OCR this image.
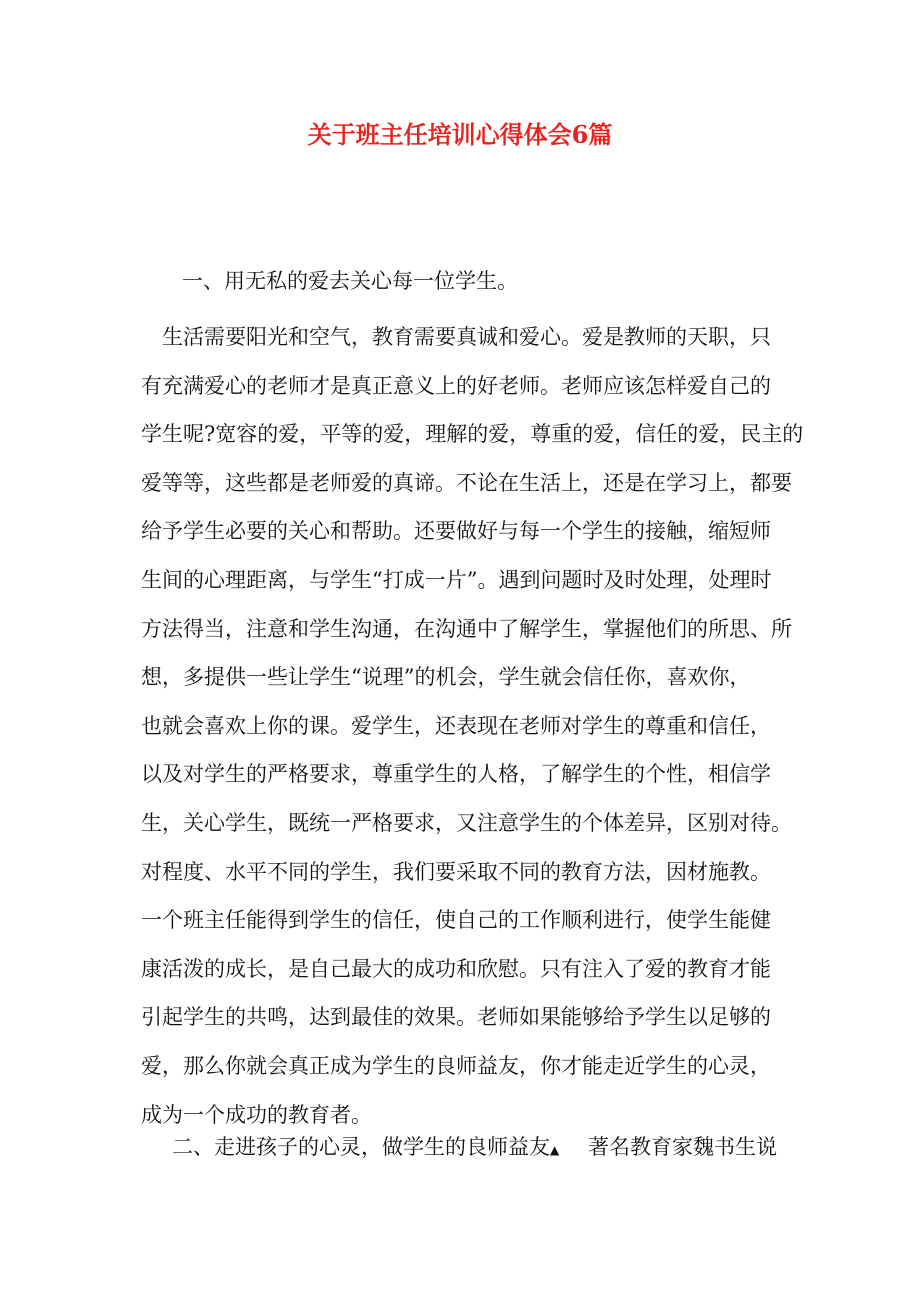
关于班主任培训心得体会6篇
一、用无私的爱去关心每一位学生。
生活需要阳光和空气，教育需要真诚和爱心。爱是教师的天职，只
有充满爱心的老师才是真正意义上的好老师。老师应该怎样爱自己的
学生呢?宽容的爱，平等的爱，理解的爱，尊重的爱，信任的爱，民主的
爱等等，这些都是老师爱的真谛。不论在生活上，还是在学习上，都要
给予学生必要的关心和帮助。还要做好与每一个学生的接触，缩短师
生间的心理距离，与学生“打成一片”。遇到问题时及时处理，处理时
方法得当，注意和学生沟通，在沟通中了解学生，掌握他们的所思、所
想，多提供一些让学生“说理”的机会，学生就会信任你，喜欢你，
也就会喜欢上你的课。爱学生，还表现在老师对学生的尊重和信任，
以及对学生的严格要求，尊重学生的人格，了解学生的个性，相信学
生，关心学生，既统一严格要求，又注意学生的个体差异，区别对待。
对程度、水平不同的学生，我们要采取不同的教育方法，因材施教。
一个班主任能得到学生的信任，使自己的工作顺利进行，使学生能健
康活泼的成长，是自己最大的成功和欣慰。只有注入了爱的教育才能
引起学生的共鸣，达到最佳的效果。老师如果能够给予学生以足够的
爱，那么你就会真正成为学生的良师益友，你才能走近学生的心灵，
成为一个成功的教育者。
二、走进孩子的心灵，做学生的良师益友▲ 著名教育家魏书生说
